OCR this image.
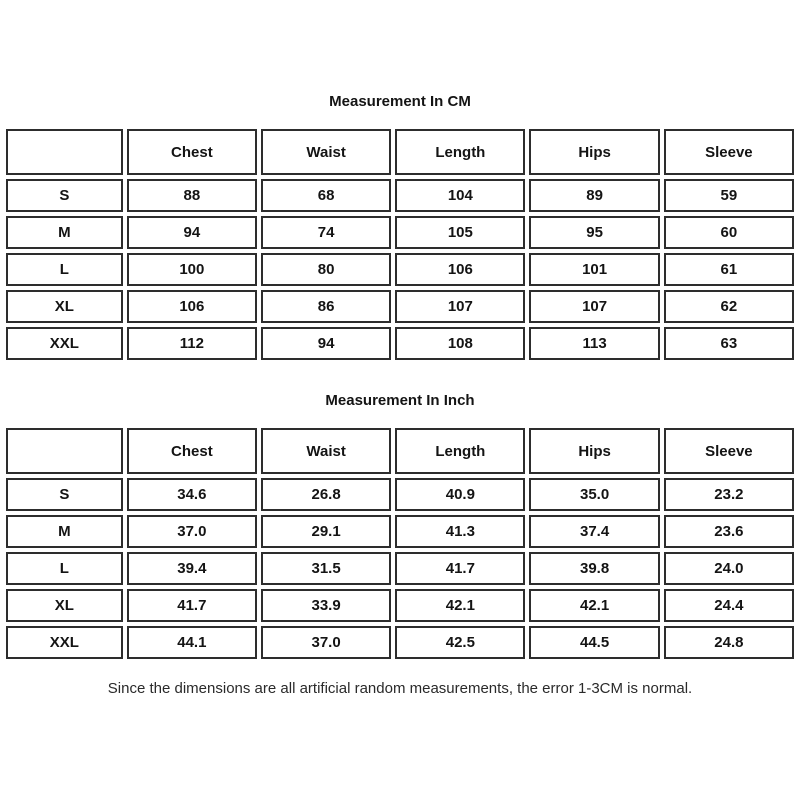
Measurement In CM
	Chest	Waist	Length	Hips	Sleeve
S	88	68	104	89	59
M	94	74	105	95	60
L	100	80	106	101	61
XL	106	86	107	107	62
XXL	112	94	108	113	63
Measurement In Inch
	Chest	Waist	Length	Hips	Sleeve
S	34.6	26.8	40.9	35.0	23.2
M	37.0	29.1	41.3	37.4	23.6
L	39.4	31.5	41.7	39.8	24.0
XL	41.7	33.9	42.1	42.1	24.4
XXL	44.1	37.0	42.5	44.5	24.8
Since the dimensions are all artificial random measurements, the error 1-3CM is normal.
